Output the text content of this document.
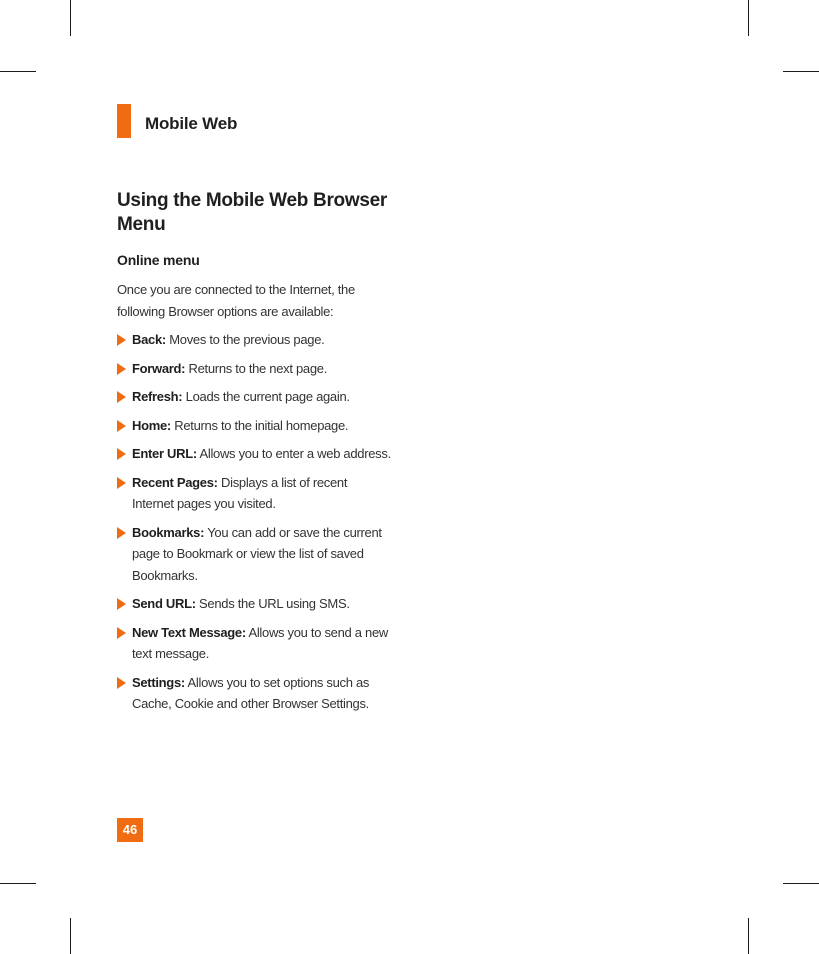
Mobile Web
Using the Mobile Web Browser Menu
Online menu

Once you are connected to the Internet, the following Browser options are available:

Back: Moves to the previous page.
Forward: Returns to the next page.
Refresh: Loads the current page again.
Home: Returns to the initial homepage.
Enter URL: Allows you to enter a web address.
Recent Pages: Displays a list of recent Internet pages you visited.
Bookmarks: You can add or save the current page to Bookmark or view the list of saved Bookmarks.
Send URL: Sends the URL using SMS.
New Text Message: Allows you to send a new text message.
Settings: Allows you to set options such as Cache, Cookie and other Browser Settings.
46
